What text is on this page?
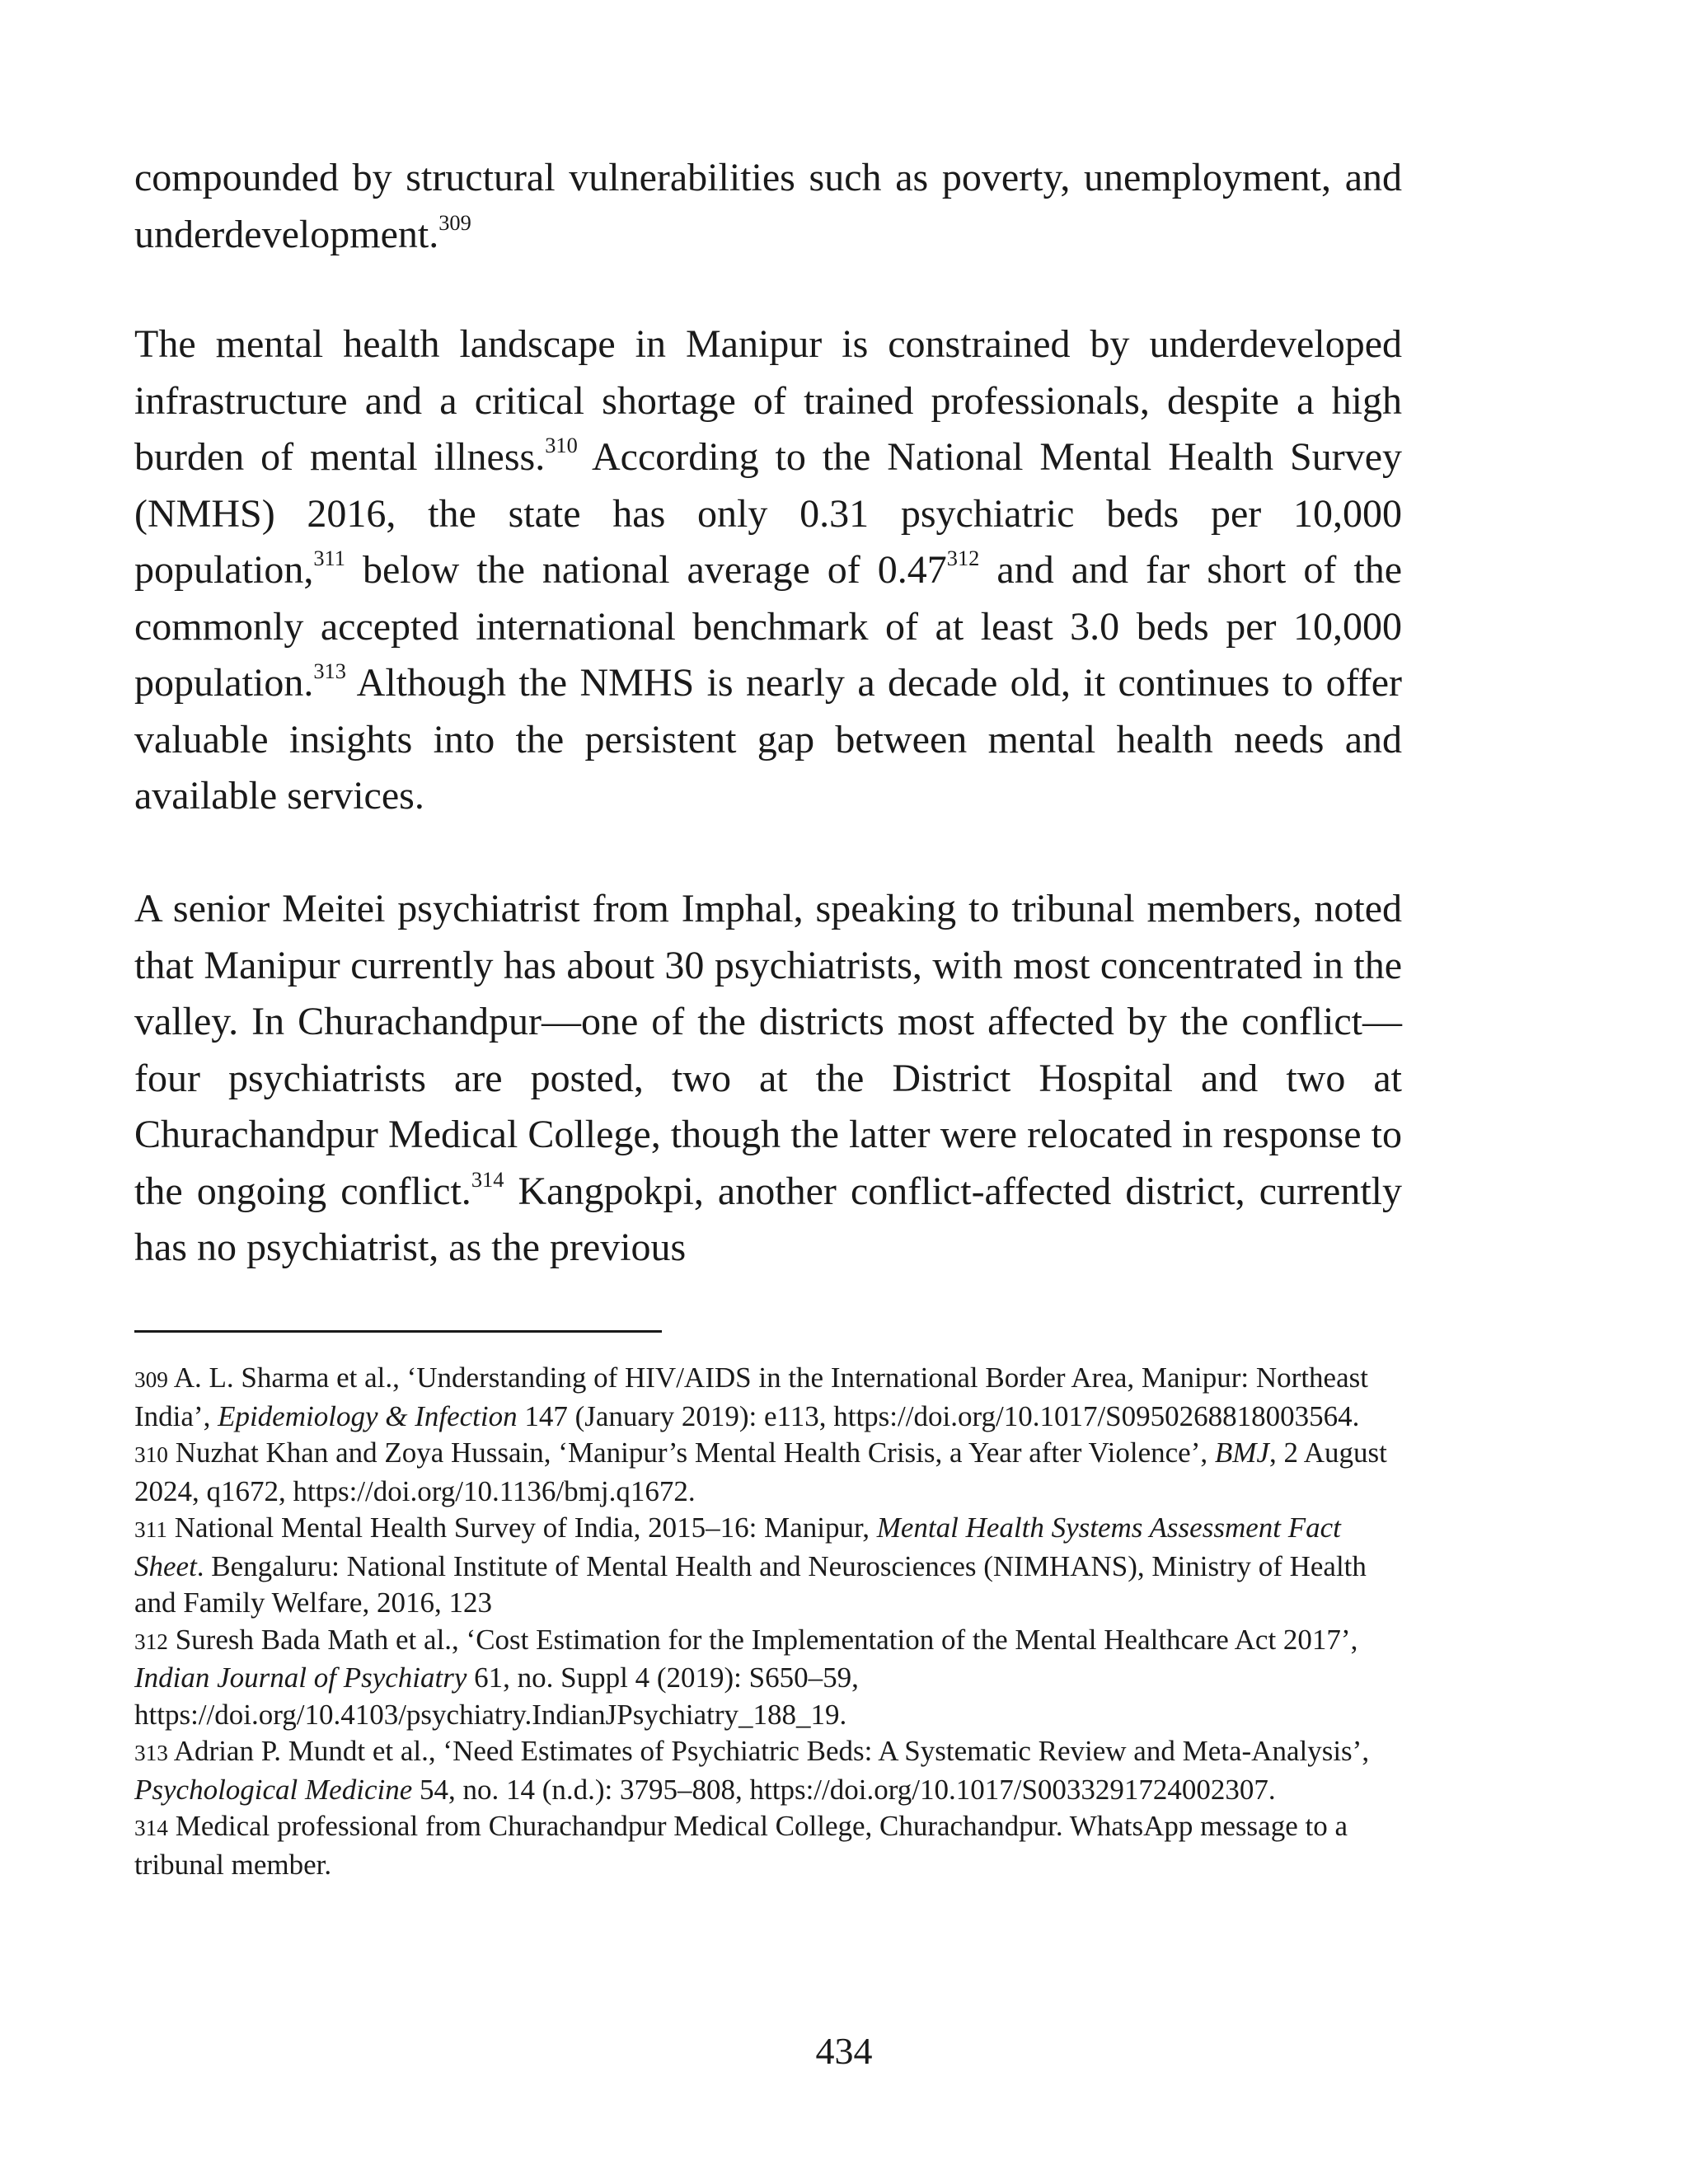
compounded by structural vulnerabilities such as poverty, unemployment, and underdevelopment.$^{309}$

The mental health landscape in Manipur is constrained by underdeveloped infrastructure and a critical shortage of trained professionals, despite a high burden of mental illness.$^{310}$ According to the National Mental Health Survey (NMHS) 2016, the state has only 0.31 psychiatric beds per 10,000 population,$^{311}$ below the national average of 0.47$^{312}$ and and far short of the commonly accepted international benchmark of at least 3.0 beds per 10,000 population.$^{313}$ Although the NMHS is nearly a decade old, it continues to offer valuable insights into the persistent gap between mental health needs and available services.

A senior Meitei psychiatrist from Imphal, speaking to tribunal members, noted that Manipur currently has about 30 psychiatrists, with most concentrated in the valley. In Churachandpur—one of the districts most affected by the conflict—four psychiatrists are posted, two at the District Hospital and two at Churachandpur Medical College, though the latter were relocated in response to the ongoing conflict.$^{314}$ Kangpokpi, another conflict-affected district, currently has no psychiatrist, as the previous

309 A. L. Sharma et al., ‘Understanding of HIV/AIDS in the International Border Area, Manipur: Northeast India’, Epidemiology & Infection 147 (January 2019): e113, https://doi.org/10.1017/S0950268818003564.

310 Nuzhat Khan and Zoya Hussain, ‘Manipur’s Mental Health Crisis, a Year after Violence’, BMJ, 2 August 2024, q1672, https://doi.org/10.1136/bmj.q1672.

311 National Mental Health Survey of India, 2015–16: Manipur, Mental Health Systems Assessment Fact Sheet. Bengaluru: National Institute of Mental Health and Neurosciences (NIMHANS), Ministry of Health and Family Welfare, 2016, 123

312 Suresh Bada Math et al., ‘Cost Estimation for the Implementation of the Mental Healthcare Act 2017’, Indian Journal of Psychiatry 61, no. Suppl 4 (2019): S650–59, https://doi.org/10.4103/psychiatry.IndianJPsychiatry_188_19.

313 Adrian P. Mundt et al., ‘Need Estimates of Psychiatric Beds: A Systematic Review and Meta-Analysis’, Psychological Medicine 54, no. 14 (n.d.): 3795–808, https://doi.org/10.1017/S0033291724002307.

314 Medical professional from Churachandpur Medical College, Churachandpur. WhatsApp message to a tribunal member.

434
